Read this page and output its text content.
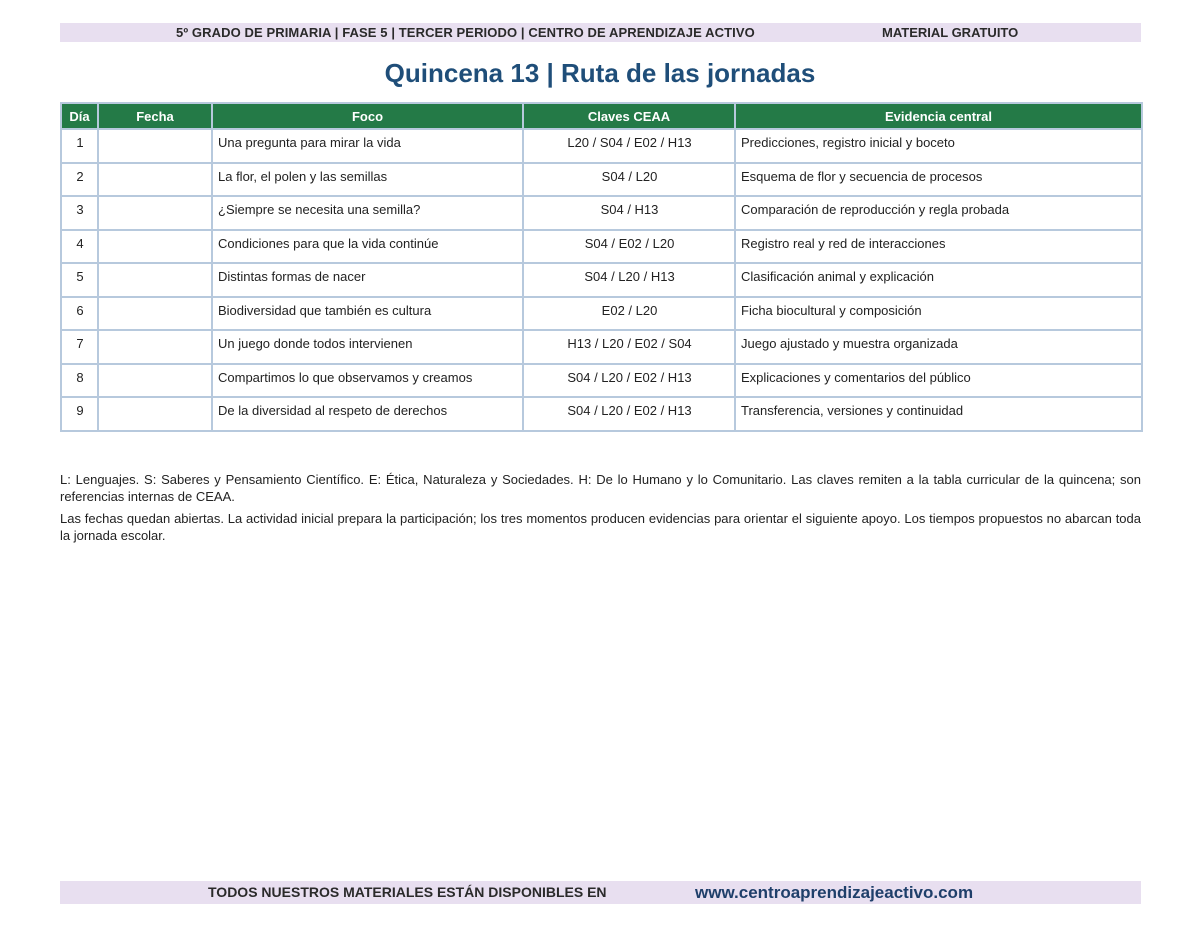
5º GRADO DE PRIMARIA | FASE 5 | TERCER PERIODO | CENTRO DE APRENDIZAJE ACTIVO	MATERIAL GRATUITO
Quincena 13 | Ruta de las jornadas
Día	Fecha	Foco	Claves CEAA	Evidencia central
1		Una pregunta para mirar la vida	L20 / S04 / E02 / H13	Predicciones, registro inicial y boceto
2		La flor, el polen y las semillas	S04 / L20	Esquema de flor y secuencia de procesos
3		¿Siempre se necesita una semilla?	S04 / H13	Comparación de reproducción y regla probada
4		Condiciones para que la vida continúe	S04 / E02 / L20	Registro real y red de interacciones
5		Distintas formas de nacer	S04 / L20 / H13	Clasificación animal y explicación
6		Biodiversidad que también es cultura	E02 / L20	Ficha biocultural y composición
7		Un juego donde todos intervienen	H13 / L20 / E02 / S04	Juego ajustado y muestra organizada
8		Compartimos lo que observamos y creamos	S04 / L20 / E02 / H13	Explicaciones y comentarios del público
9		De la diversidad al respeto de derechos	S04 / L20 / E02 / H13	Transferencia, versiones y continuidad

L: Lenguajes. S: Saberes y Pensamiento Científico. E: Ética, Naturaleza y Sociedades. H: De lo Humano y lo Comunitario. Las claves remiten a la tabla curricular de la quincena; son referencias internas de CEAA.

Las fechas quedan abiertas. La actividad inicial prepara la participación; los tres momentos producen evidencias para orientar el siguiente apoyo. Los tiempos propuestos no abarcan toda la jornada escolar.

TODOS NUESTROS MATERIALES ESTÁN DISPONIBLES EN	www.centroaprendizajeactivo.com
